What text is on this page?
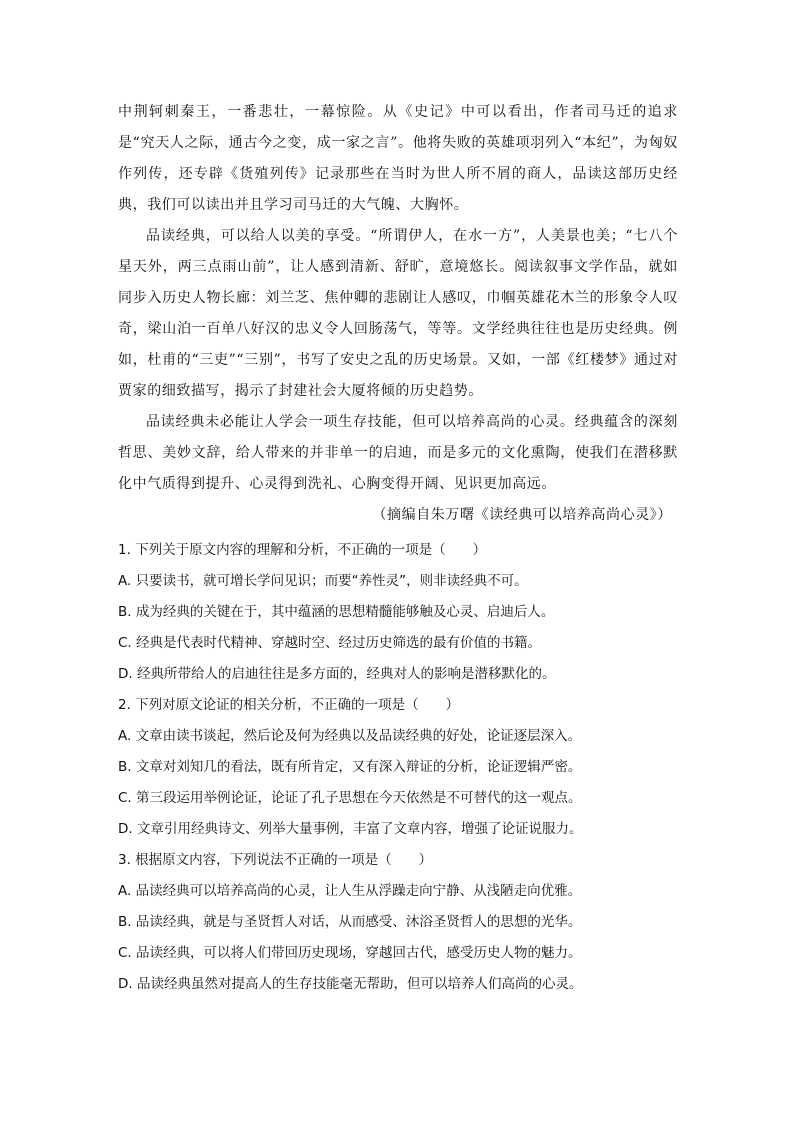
中荆轲刺秦王，一番悲壮，一幕惊险。从《史记》中可以看出，作者司马迁的追求是“究天人之际，通古今之变，成一家之言”。他将失败的英雄项羽列入“本纪”，为匈奴作列传，还专辟《货殖列传》记录那些在当时为世人所不屑的商人，品读这部历史经典，我们可以读出并且学习司马迁的大气魄、大胸怀。

品读经典，可以给人以美的享受。“所谓伊人，在水一方”，人美景也美；“七八个星天外，两三点雨山前”，让人感到清新、舒旷，意境悠长。阅读叙事文学作品，就如同步入历史人物长廊：刘兰芝、焦仲卿的悲剧让人感叹，巾帼英雄花木兰的形象令人叹奇，梁山泊一百单八好汉的忠义令人回肠荡气，等等。文学经典往往也是历史经典。例如，杜甫的“三吏”“三别”，书写了安史之乱的历史场景。又如，一部《红楼梦》通过对贾家的细致描写，揭示了封建社会大厦将倾的历史趋势。

品读经典未必能让人学会一项生存技能，但可以培养高尚的心灵。经典蕴含的深刻哲思、美妙文辞，给人带来的并非单一的启迪，而是多元的文化熏陶，使我们在潜移默化中气质得到提升、心灵得到洗礼、心胸变得开阔、见识更加高远。

（摘编自朱万曙《读经典可以培养高尚心灵》）

1. 下列关于原文内容的理解和分析，不正确的一项是（　　）

A. 只要读书，就可增长学问见识；而要“养性灵”，则非读经典不可。

B. 成为经典的关键在于，其中蕴涵的思想精髓能够触及心灵、启迪后人。

C. 经典是代表时代精神、穿越时空、经过历史筛选的最有价值的书籍。

D. 经典所带给人的启迪往往是多方面的，经典对人的影响是潜移默化的。

2. 下列对原文论证的相关分析，不正确的一项是（　　）

A. 文章由读书谈起，然后论及何为经典以及品读经典的好处，论证逐层深入。

B. 文章对刘知几的看法，既有所肯定，又有深入辩证的分析，论证逻辑严密。

C. 第三段运用举例论证，论证了孔子思想在今天依然是不可替代的这一观点。

D. 文章引用经典诗文、列举大量事例，丰富了文章内容，增强了论证说服力。

3. 根据原文内容，下列说法不正确的一项是（　　）

A. 品读经典可以培养高尚的心灵，让人生从浮躁走向宁静、从浅陋走向优雅。

B. 品读经典，就是与圣贤哲人对话，从而感受、沐浴圣贤哲人的思想的光华。

C. 品读经典，可以将人们带回历史现场，穿越回古代，感受历史人物的魅力。

D. 品读经典虽然对提高人的生存技能毫无帮助，但可以培养人们高尚的心灵。
